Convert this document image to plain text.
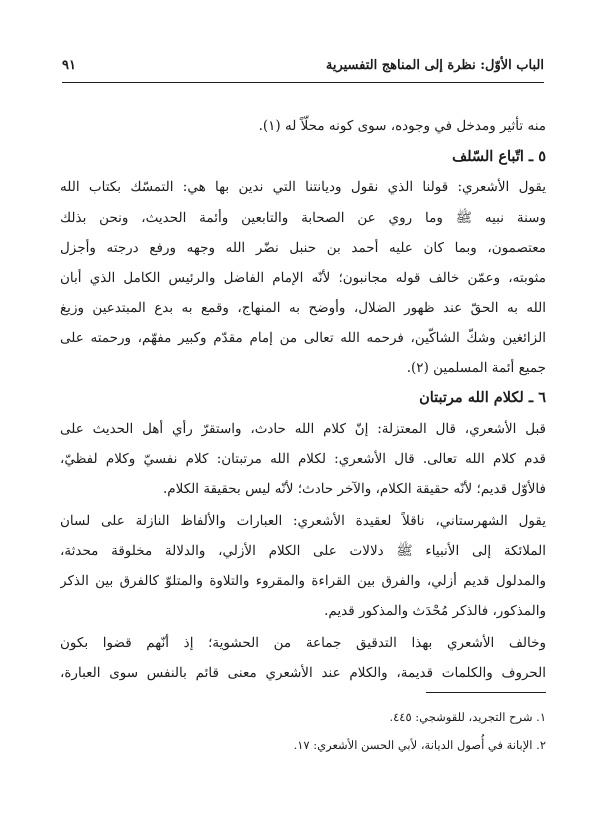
الباب الأوّل: نظرة إلى المناهج التفسيرية
٩١
منه تأثير ومدخل في وجوده، سوى كونه محلّاً له (١).
٥ ـ اتّباع السّلف
يقول الأشعري: قولنا الذي نقول وديانتنا التي ندين بها هي: التمسّك بكتاب الله
وسنة نبيه ﷺ وما روي عن الصحابة والتابعين وأئمة الحديث، ونحن بذلك
معتصمون، وبما كان عليه أحمد بن حنبل نضّر الله وجهه ورفع درجته وأجزل
مثوبته، وعمّن خالف قوله مجانبون؛ لأنّه الإمام الفاضل والرئيس الكامل الذي أبان
الله به الحقّ عند ظهور الضلال، وأوضح به المنهاج، وقمع به بدع المبتدعين وزيغ
الزائغين وشكّ الشاكّين، فرحمه الله تعالى من إمام مقدّم وكبير مفهّم، ورحمته على
جميع أئمة المسلمين (٢).
٦ ـ لكلام الله مرتبتان
قبل الأشعري، قال المعتزلة: إنّ كلام الله حادث، واستقرّ رأي أهل الحديث على
قدم كلام الله تعالى. قال الأشعري: لكلام الله مرتبتان: كلام نفسيّ وكلام لفظيّ،
فالأوّل قديم؛ لأنّه حقيقة الكلام، والآخر حادث؛ لأنّه ليس بحقيقة الكلام.
يقول الشهرستاني، ناقلاً لعقيدة الأشعري: العبارات والألفاظ النازلة على لسان
الملائكة إلى الأنبياء ﷺ دلالات على الكلام الأزلي، والدلالة مخلوقة محدثة،
والمدلول قديم أزلي، والفرق بين القراءة والمقروء والتلاوة والمتلوّ كالفرق بين الذكر
والمذكور، فالذكر مُحْدَث والمذكور قديم.
وخالف الأشعري بهذا التدقيق جماعة من الحشوية؛ إذ أنّهم قضوا بكون
الحروف والكلمات قديمة، والكلام عند الأشعري معنى قائم بالنفس سوى العبارة،
١. شرح التجريد، للقوشجي: ٤٤٥.
٢. الإبانة في أُصول الديانة، لأبي الحسن الأشعري: ١٧.
